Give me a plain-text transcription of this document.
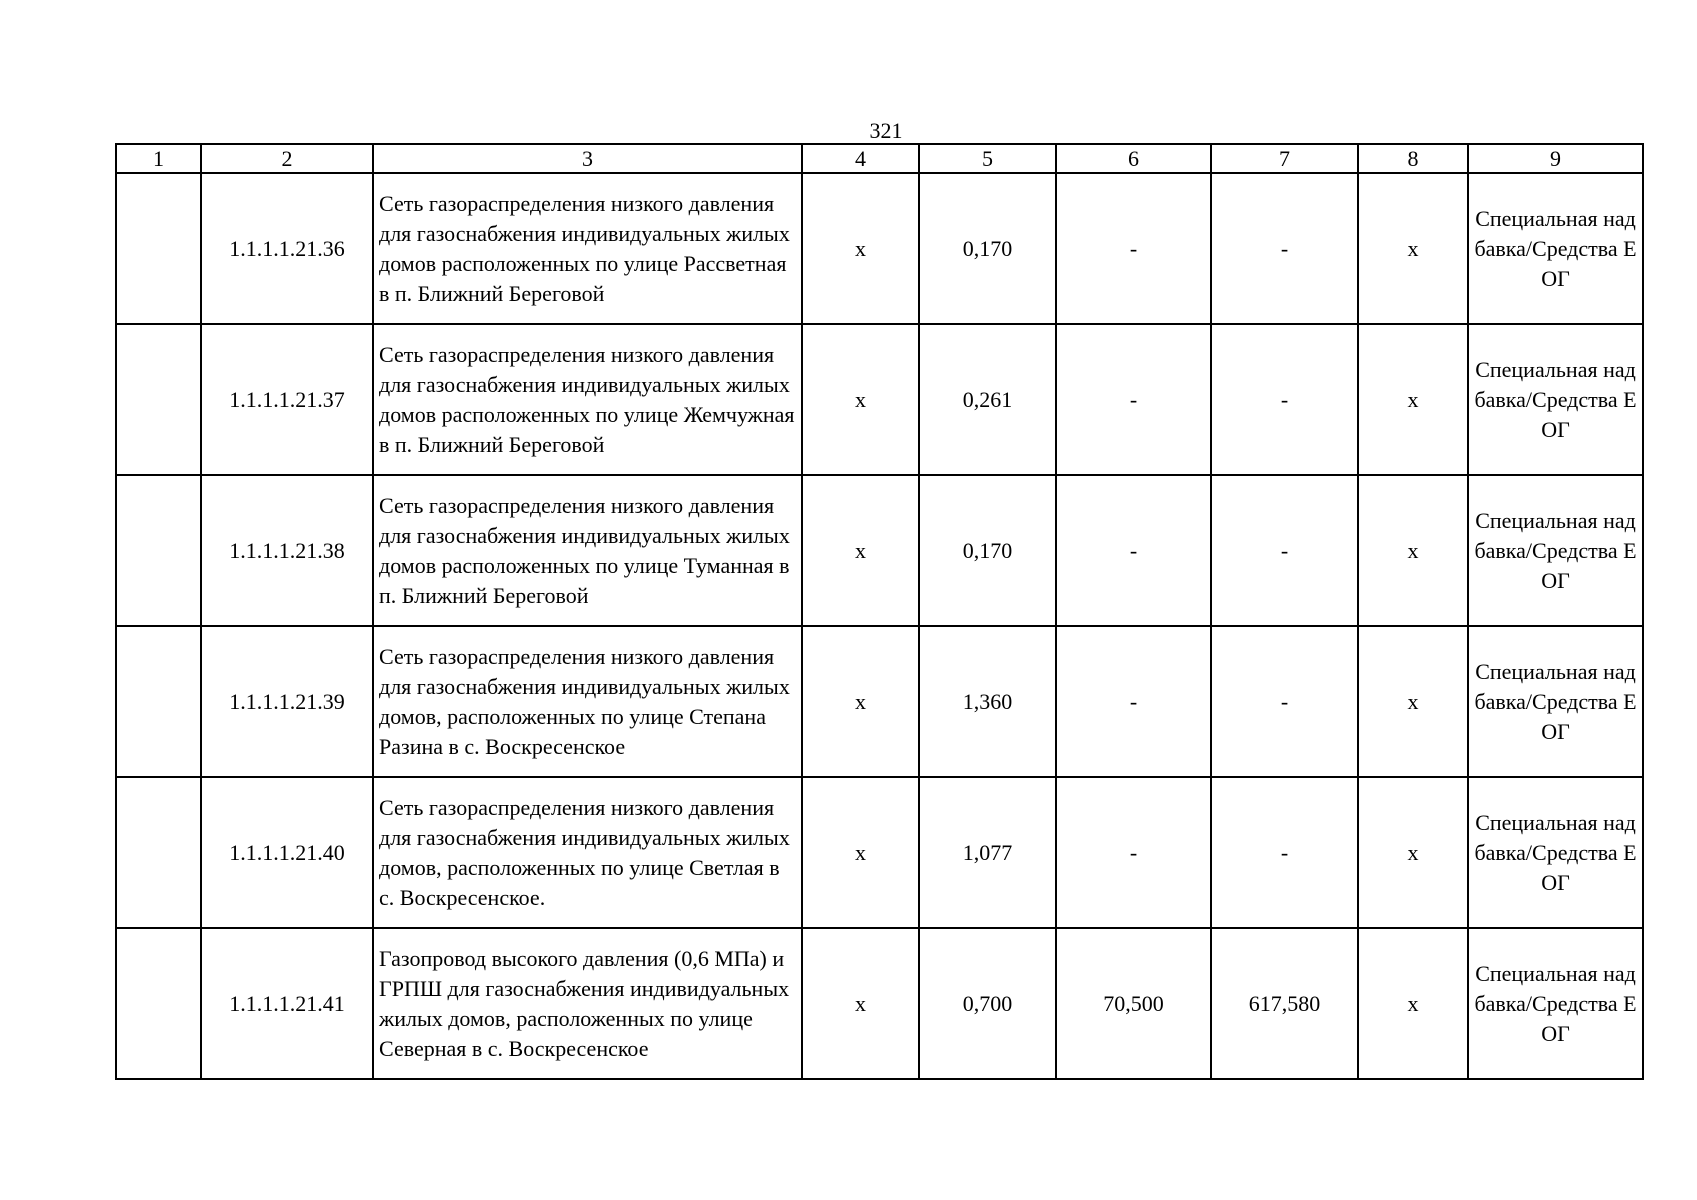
321
1	2	3	4	5	6	7	8	9
	1.1.1.1.21.36	Сеть газораспределения низкого давления для газоснабжения индивидуальных жилых домов расположенных по улице Рассветная в п. Ближний Береговой	х	0,170	-	-	х	Специальная надбавка/Средства ЕОГ
	1.1.1.1.21.37	Сеть газораспределения низкого давления для газоснабжения индивидуальных жилых домов расположенных по улице Жемчужная в п. Ближний Береговой	х	0,261	-	-	х	Специальная надбавка/Средства ЕОГ
	1.1.1.1.21.38	Сеть газораспределения низкого давления для газоснабжения индивидуальных жилых домов расположенных по улице Туманная в п. Ближний Береговой	х	0,170	-	-	х	Специальная надбавка/Средства ЕОГ
	1.1.1.1.21.39	Сеть газораспределения низкого давления для газоснабжения индивидуальных жилых домов, расположенных по улице Степана Разина в с. Воскресенское	х	1,360	-	-	х	Специальная надбавка/Средства ЕОГ
	1.1.1.1.21.40	Сеть газораспределения низкого давления для газоснабжения индивидуальных жилых домов, расположенных по улице Светлая в с. Воскресенское.	х	1,077	-	-	х	Специальная надбавка/Средства ЕОГ
	1.1.1.1.21.41	Газопровод высокого давления (0,6 МПа) и ГРПШ для газоснабжения индивидуальных жилых домов, расположенных по улице Северная в с. Воскресенское	х	0,700	70,500	617,580	х	Специальная надбавка/Средства ЕОГ
